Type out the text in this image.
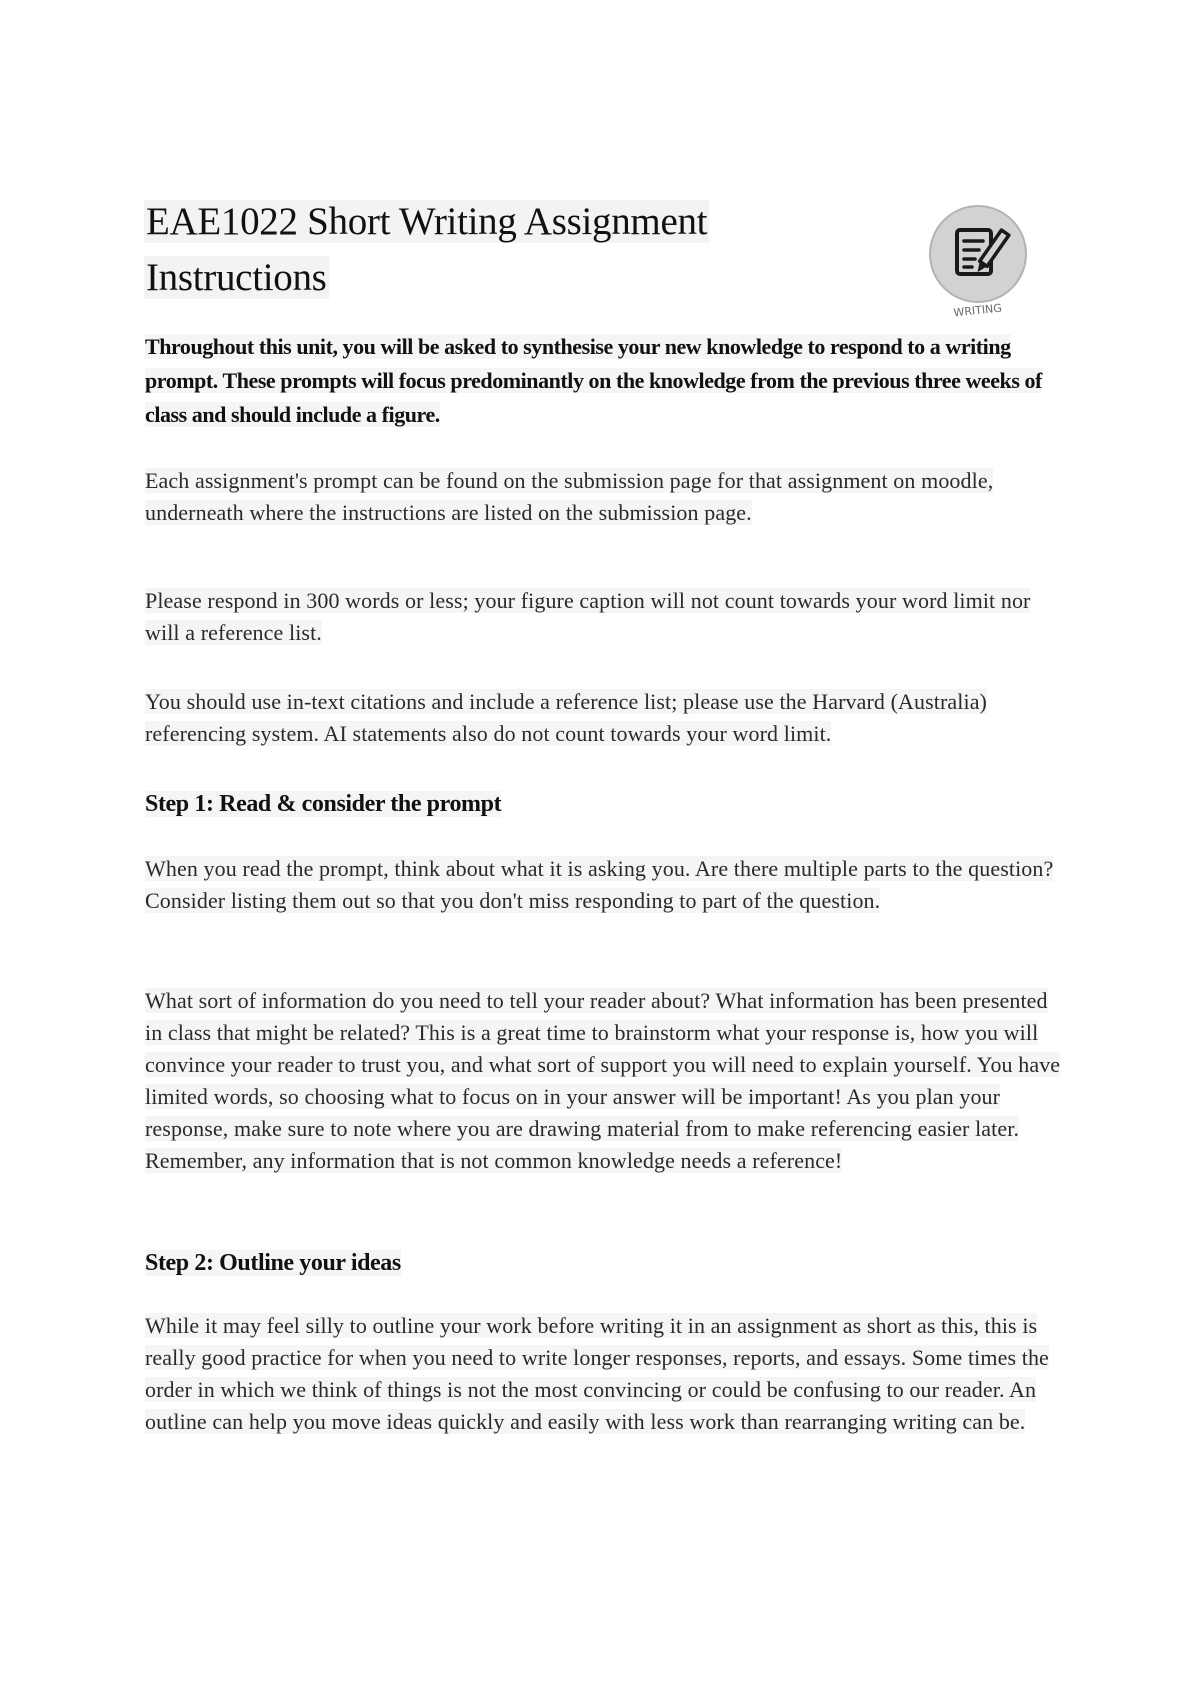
EAE1022 Short Writing Assignment
Instructions
WRITING

Throughout this unit, you will be asked to synthesise your new knowledge to respond to a writing prompt. These prompts will focus predominantly on the knowledge from the previous three weeks of class and should include a figure.

Each assignment's prompt can be found on the submission page for that assignment on moodle, underneath where the instructions are listed on the submission page.

Please respond in 300 words or less; your figure caption will not count towards your word limit nor will a reference list.

You should use in-text citations and include a reference list; please use the Harvard (Australia) referencing system. AI statements also do not count towards your word limit.

Step 1: Read & consider the prompt

When you read the prompt, think about what it is asking you. Are there multiple parts to the question? Consider listing them out so that you don't miss responding to part of the question.

What sort of information do you need to tell your reader about? What information has been presented in class that might be related? This is a great time to brainstorm what your response is, how you will convince your reader to trust you, and what sort of support you will need to explain yourself. You have limited words, so choosing what to focus on in your answer will be important! As you plan your response, make sure to note where you are drawing material from to make referencing easier later. Remember, any information that is not common knowledge needs a reference!

Step 2: Outline your ideas

While it may feel silly to outline your work before writing it in an assignment as short as this, this is really good practice for when you need to write longer responses, reports, and essays. Some times the order in which we think of things is not the most convincing or could be confusing to our reader. An outline can help you move ideas quickly and easily with less work than rearranging writing can be.
